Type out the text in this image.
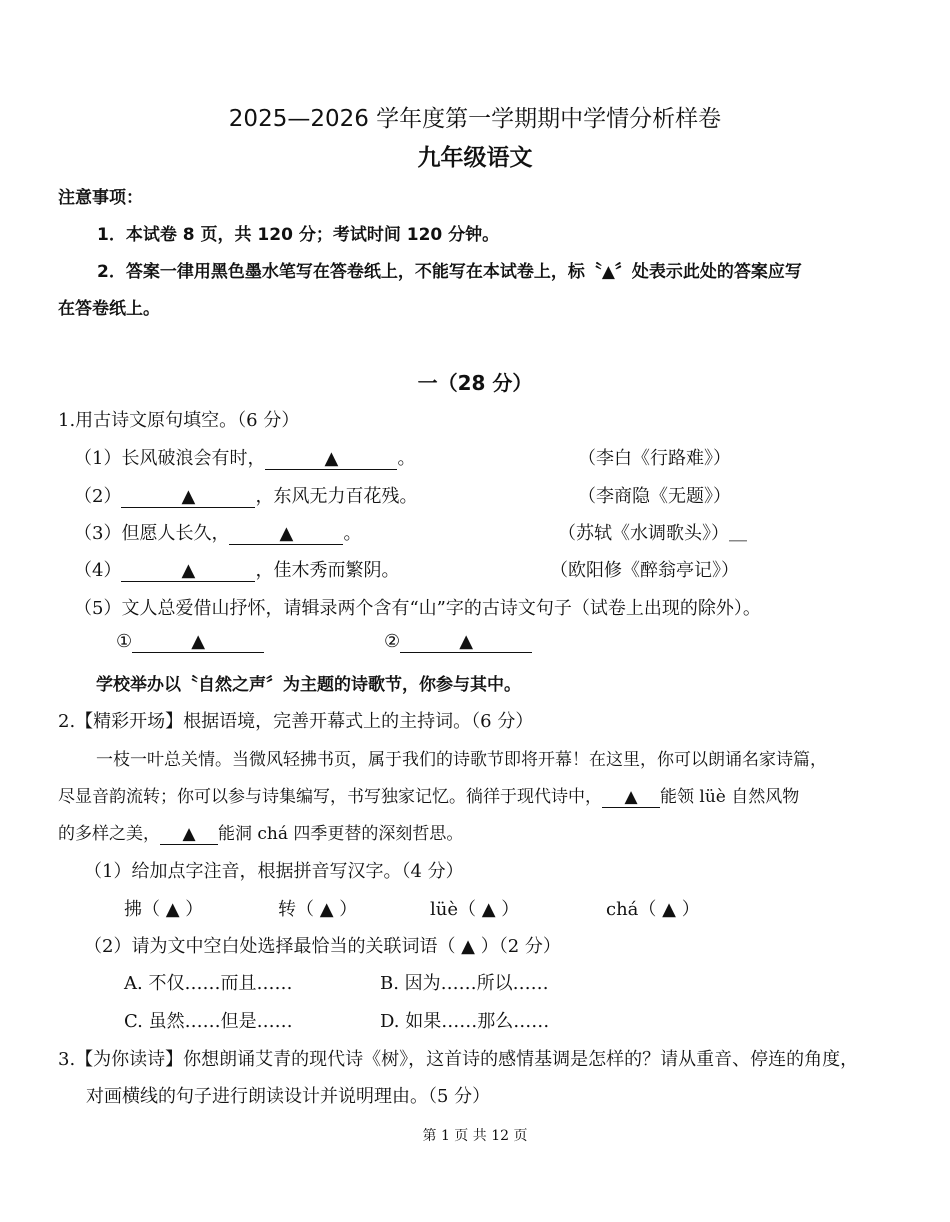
2025—2026 学年度第一学期期中学情分析样卷
九年级语文
注意事项：
1．本试卷 8 页，共 120 分；考试时间 120 分钟。
2．答案一律用黑色墨水笔写在答卷纸上，不能写在本试卷上，标〝▲〞处表示此处的答案应写
在答卷纸上。
一（28 分）
1.用古诗文原句填空。（6 分）
（1）长风破浪会有时，	▲	。	（李白《行路难》）
（2）	▲	，东风无力百花残。	（李商隐《无题》）
（3）但愿人长久，	▲	。	（苏轼《水调歌头》）＿
（4）	▲	，佳木秀而繁阴。	（欧阳修《醉翁亭记》）
（5）文人总爱借山抒怀，请辑录两个含有“山”字的古诗文句子（试卷上出现的除外）。
①	▲	②	▲
学校举办以〝自然之声〞为主题的诗歌节，你参与其中。
2.【精彩开场】根据语境，完善开幕式上的主持词。（6 分）
一枝一叶总关情。当微风轻拂书页，属于我们的诗歌节即将开幕！在这里，你可以朗诵名家诗篇，
尽显音韵流转；你可以参与诗集编写，书写独家记忆。徜徉于现代诗中， ▲ 能领 lüè 自然风物
的多样之美， ▲ 能洞 chá 四季更替的深刻哲思。
（1）给加点字注音，根据拼音写汉字。（4 分）
拂（ ▲ ）	转（ ▲ ）	lüè（ ▲ ）	chá（ ▲ ）
（2）请为文中空白处选择最恰当的关联词语（ ▲ ）（2 分）
A. 不仅……而且……	B. 因为……所以……
C. 虽然……但是……	D. 如果……那么……
3.【为你读诗】你想朗诵艾青的现代诗《树》，这首诗的感情基调是怎样的？请从重音、停连的角度，
对画横线的句子进行朗读设计并说明理由。（5 分）
第 1 页 共 12 页
